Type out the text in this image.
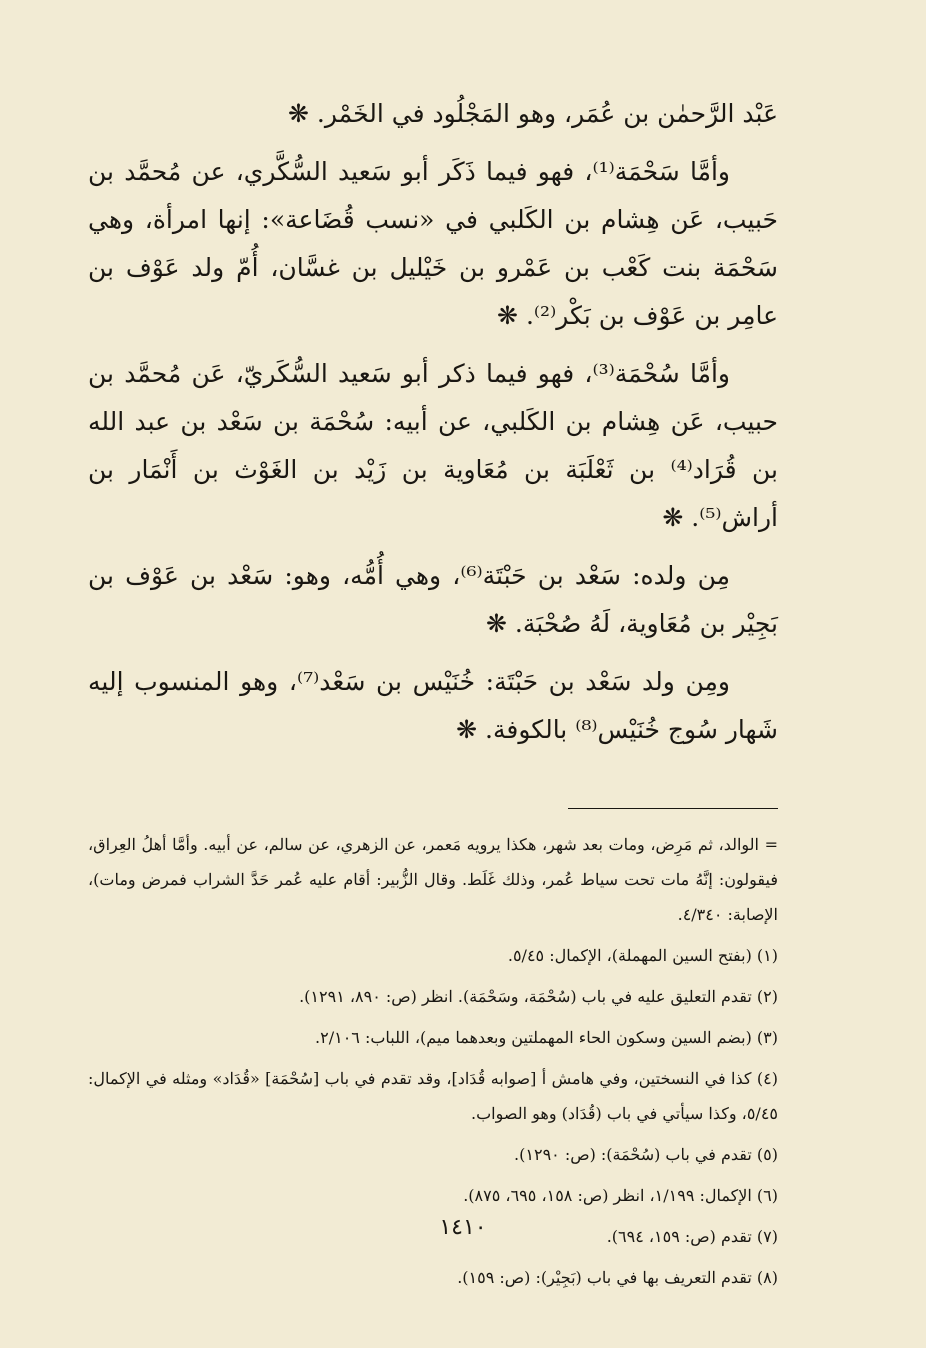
عَبْد الرَّحمٰن بن عُمَر، وهو المَجْلُود في الخَمْر. ❋

وأمَّا سَحْمَة⁽¹⁾، فهو فيما ذَكَر أبو سَعيد السُّكَّري، عن مُحمَّد بن حَبيب، عَن هِشام بن الكَلبي في «نسب قُضَاعة»: إنها امرأة، وهي سَحْمَة بنت كَعْب بن عَمْرو بن خَيْليل بن غسَّان، أُمّ ولد عَوْف بن عامِر بن عَوْف بن بَكْر⁽²⁾. ❋

وأمَّا سُحْمَة⁽³⁾، فهو فيما ذكر أبو سَعيد السُّكَريّ، عَن مُحمَّد بن حبيب، عَن هِشام بن الكَلبي، عن أبيه: سُحْمَة بن سَعْد بن عبد الله بن قُرَاد⁽⁴⁾ بن ثَعْلَبَة بن مُعَاوية بن زَيْد بن الغَوْث بن أَنْمَار بن أراش⁽⁵⁾. ❋

مِن ولده: سَعْد بن حَبْتَة⁽⁶⁾، وهي أُمُّه، وهو: سَعْد بن عَوْف بن بَجِيْر بن مُعَاوية، لَهُ صُحْبَة. ❋

ومِن ولد سَعْد بن حَبْتَة: خُنَيْس بن سَعْد⁽⁷⁾، وهو المنسوب إليه شَهار سُوج خُنَيْس⁽⁸⁾ بالكوفة. ❋

= الوالد، ثم مَرِض، ومات بعد شهر، هكذا يرويه مَعمر، عن الزهري، عن سالم، عن أبيه. وأمَّا أهلُ العِراق، فيقولون: إنَّهُ مات تحت سياط عُمر، وذلك غَلَط. وقال الزُّبير: أقام عليه عُمر حَدَّ الشراب فمرض ومات)، الإصابة: ٤/٣٤٠.

(١) (بفتح السين المهملة)، الإكمال: ٥/٤٥.

(٢) تقدم التعليق عليه في باب (سُحْمَة، وسَحْمَة). انظر (ص: ٨٩٠، ١٢٩١).

(٣) (بضم السين وسكون الحاء المهملتين وبعدهما ميم)، اللباب: ٢/١٠٦.

(٤) كذا في النسختين، وفي هامش أ [صوابه قُدَاد]، وقد تقدم في باب [سُحْمَة] «قُدَاد» ومثله في الإكمال: ٥/٤٥، وكذا سيأتي في باب (قُدَاد) وهو الصواب.

(٥) تقدم في باب (سُحْمَة): (ص: ١٢٩٠).

(٦) الإكمال: ١/١٩٩، انظر (ص: ١٥٨، ٦٩٥، ٨٧٥).

(٧) تقدم (ص: ١٥٩، ٦٩٤).

(٨) تقدم التعريف بها في باب (بَجِيْر): (ص: ١٥٩).

١٤١٠
